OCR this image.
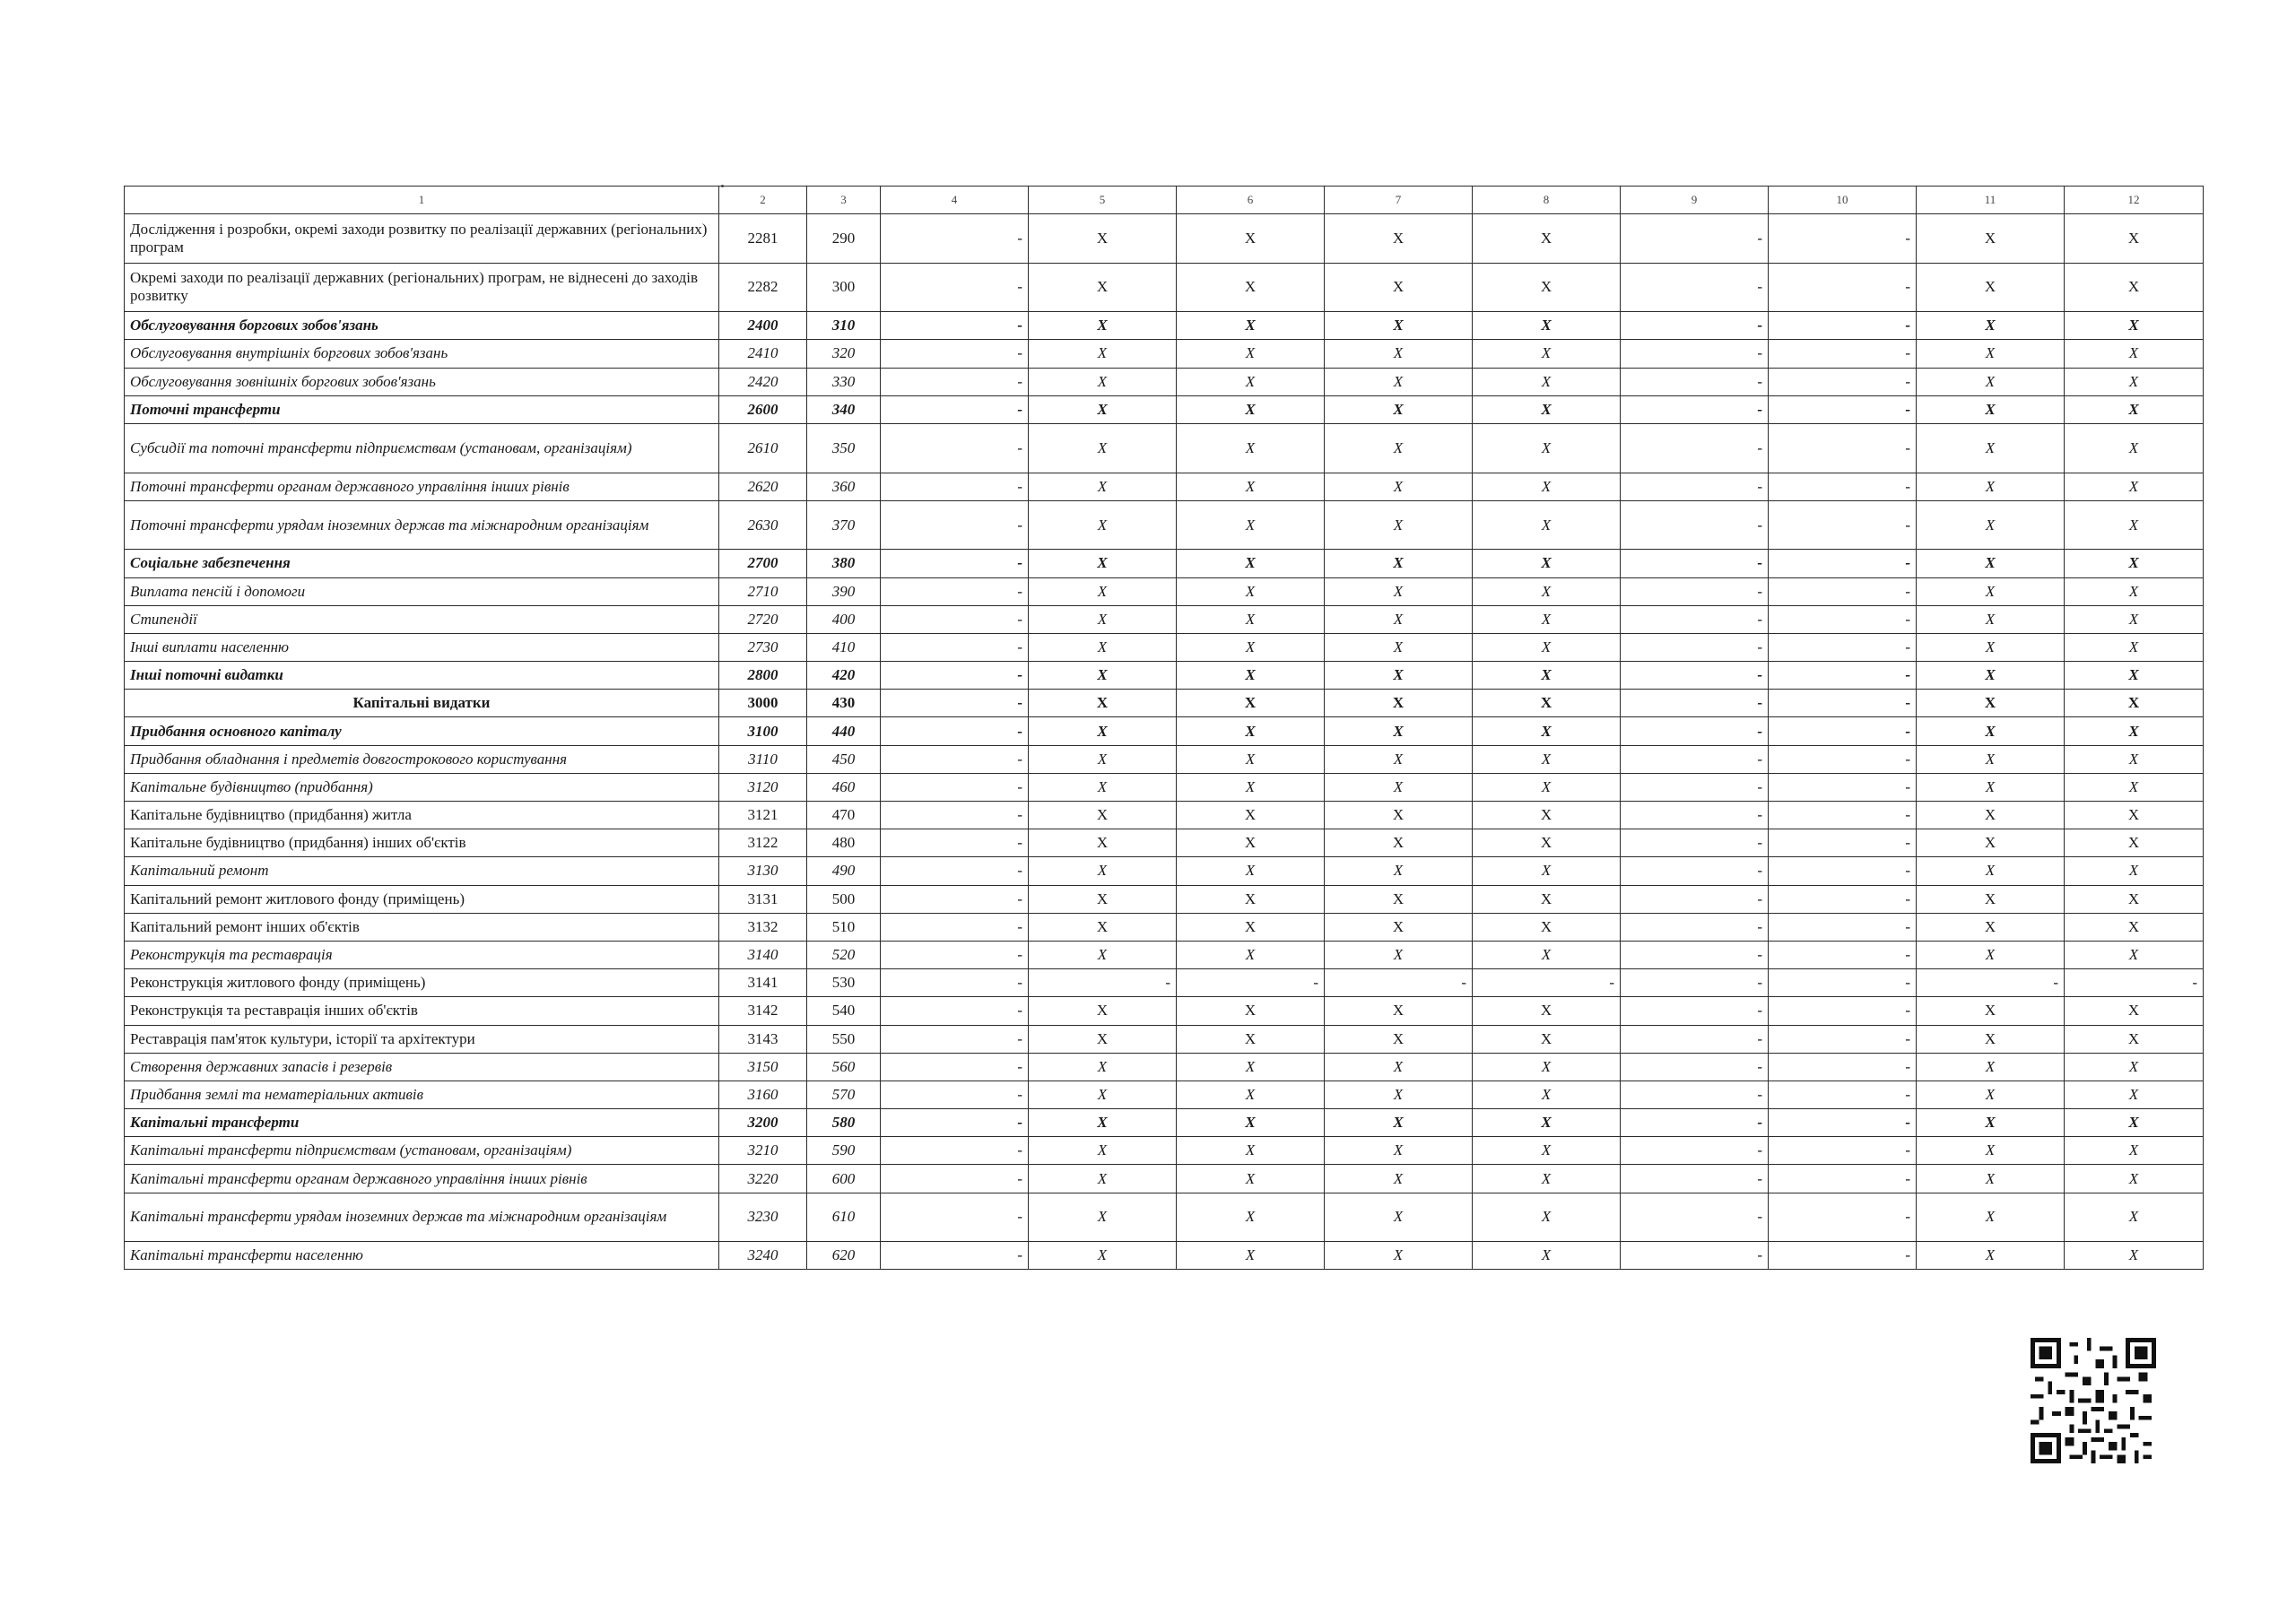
1	2	3	4	5	6	7	8	9	10	11	12
Дослідження і розробки, окремі заходи розвитку по реалізації державних (регіональних) програм	2281	290	-	X	X	X	X	-	-	X	X
Окремі заходи по реалізації державних (регіональних) програм, не віднесені до заходів розвитку	2282	300	-	X	X	X	X	-	-	X	X
Обслуговування боргових зобов'язань	2400	310	-	X	X	X	X	-	-	X	X
Обслуговування внутрішніх боргових зобов'язань	2410	320	-	X	X	X	X	-	-	X	X
Обслуговування зовнішніх боргових зобов'язань	2420	330	-	X	X	X	X	-	-	X	X
Поточні трансферти	2600	340	-	X	X	X	X	-	-	X	X
Субсидії та поточні трансферти підприємствам (установам, організаціям)	2610	350	-	X	X	X	X	-	-	X	X
Поточні трансферти органам державного управління інших рівнів	2620	360	-	X	X	X	X	-	-	X	X
Поточні трансферти урядам іноземних держав та міжнародним організаціям	2630	370	-	X	X	X	X	-	-	X	X
Соціальне забезпечення	2700	380	-	X	X	X	X	-	-	X	X
Виплата пенсій і допомоги	2710	390	-	X	X	X	X	-	-	X	X
Стипендії	2720	400	-	X	X	X	X	-	-	X	X
Інші виплати населенню	2730	410	-	X	X	X	X	-	-	X	X
Інші поточні видатки	2800	420	-	X	X	X	X	-	-	X	X
Капітальні видатки	3000	430	-	X	X	X	X	-	-	X	X
Придбання основного капіталу	3100	440	-	X	X	X	X	-	-	X	X
Придбання обладнання і предметів довгострокового користування	3110	450	-	X	X	X	X	-	-	X	X
Капітальне будівництво (придбання)	3120	460	-	X	X	X	X	-	-	X	X
Капітальне будівництво (придбання) житла	3121	470	-	X	X	X	X	-	-	X	X
Капітальне будівництво (придбання) інших об'єктів	3122	480	-	X	X	X	X	-	-	X	X
Капітальний ремонт	3130	490	-	X	X	X	X	-	-	X	X
Капітальний ремонт житлового фонду (приміщень)	3131	500	-	X	X	X	X	-	-	X	X
Капітальний ремонт інших об'єктів	3132	510	-	X	X	X	X	-	-	X	X
Реконструкція та реставрація	3140	520	-	X	X	X	X	-	-	X	X
Реконструкція житлового фонду (приміщень)	3141	530	-	-	-	-	-	-	-	-	-
Реконструкція та реставрація інших об'єктів	3142	540	-	X	X	X	X	-	-	X	X
Реставрація пам'яток культури, історії та архітектури	3143	550	-	X	X	X	X	-	-	X	X
Створення державних запасів і резервів	3150	560	-	X	X	X	X	-	-	X	X
Придбання землі та нематеріальних активів	3160	570	-	X	X	X	X	-	-	X	X
Капітальні трансферти	3200	580	-	X	X	X	X	-	-	X	X
Капітальні трансферти підприємствам (установам, організаціям)	3210	590	-	X	X	X	X	-	-	X	X
Капітальні трансферти органам державного управління інших рівнів	3220	600	-	X	X	X	X	-	-	X	X
Капітальні трансферти урядам іноземних держав та міжнародним організаціям	3230	610	-	X	X	X	X	-	-	X	X
Капітальні трансферти населенню	3240	620	-	X	X	X	X	-	-	X	X
